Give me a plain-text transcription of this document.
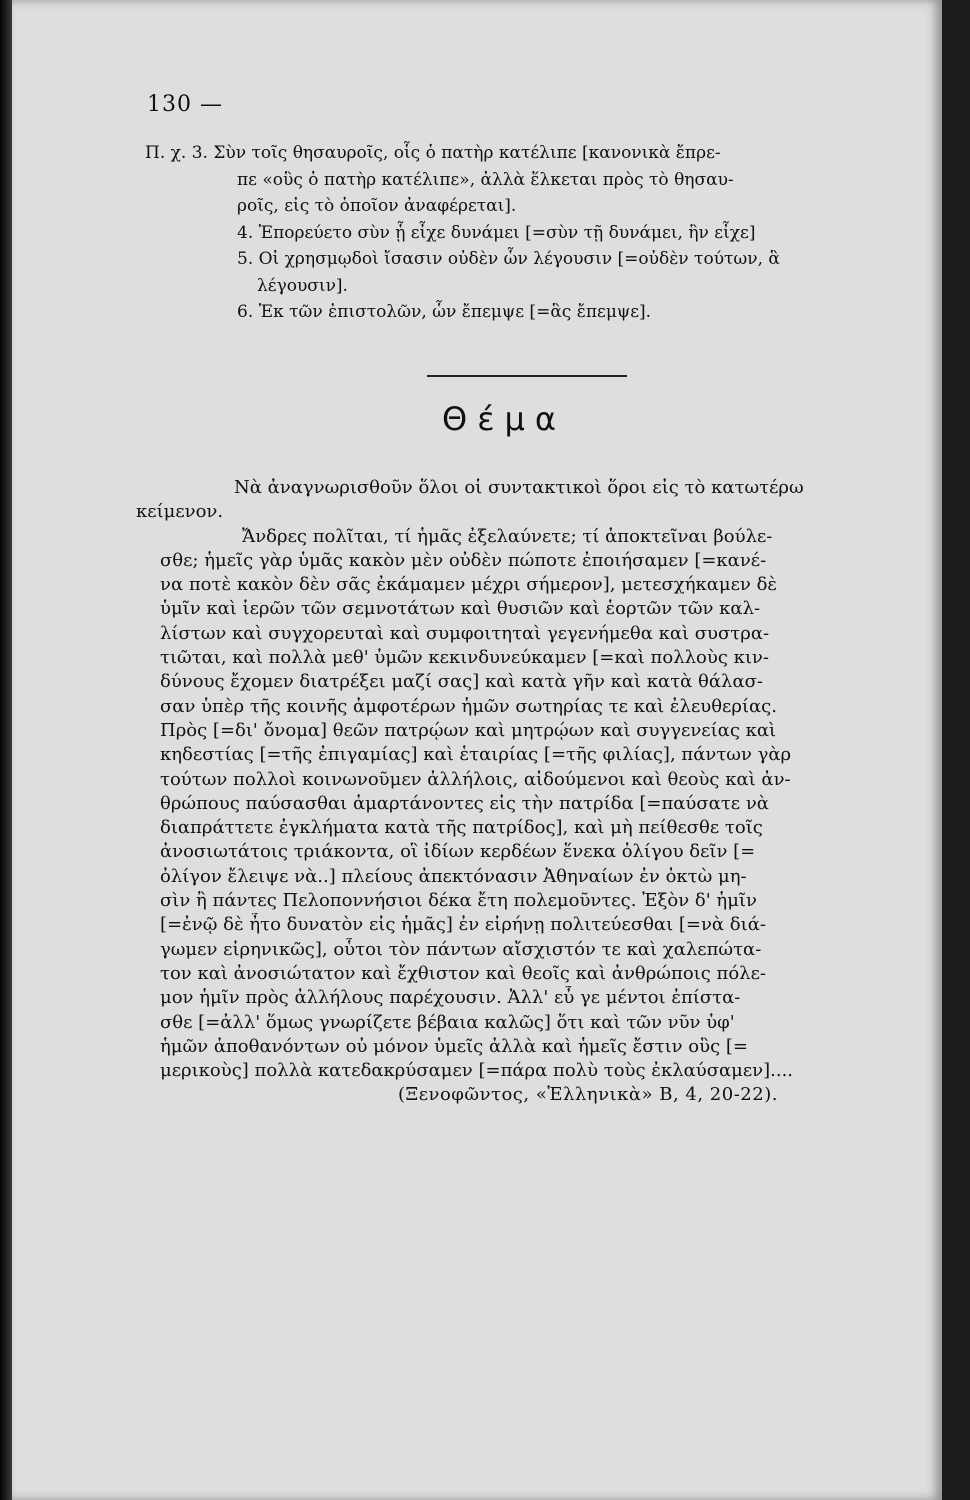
130 —
Π. χ. 3. Σὺν τοῖς θησαυροῖς, οἷς ὁ πατὴρ κατέλιπε [κανονικὰ ἔπρε-
πε «οὓς ὁ πατὴρ κατέλιπε», ἀλλὰ ἕλκεται πρὸς τὸ θησαυ-
ροῖς, εἰς τὸ ὁποῖον ἀναφέρεται].
4. Ἐπορεύετο σὺν ᾗ εἶχε δυνάμει [=σὺν τῇ δυνάμει, ἣν εἶχε]
5. Οἱ χρησμῳδοὶ ἴσασιν οὐδὲν ὧν λέγουσιν [=οὐδὲν τούτων, ἃ
λέγουσιν].
6. Ἐκ τῶν ἐπιστολῶν, ὧν ἔπεμψε [=ἃς ἔπεμψε].
Θέμα
Νὰ ἀναγνωρισθοῦν ὅλοι οἱ συντακτικοὶ ὅροι εἰς τὸ κατωτέρω
κείμενον.
Ἄνδρες πολῖται, τί ἡμᾶς ἐξελαύνετε; τί ἀποκτεῖναι βούλε-
σθε; ἡμεῖς γὰρ ὑμᾶς κακὸν μὲν οὐδὲν πώποτε ἐποιήσαμεν [=κανέ-
να ποτὲ κακὸν δὲν σᾶς ἐκάμαμεν μέχρι σήμερον], μετεσχήκαμεν δὲ
ὑμῖν καὶ ἱερῶν τῶν σεμνοτάτων καὶ θυσιῶν καὶ ἑορτῶν τῶν καλ-
λίστων καὶ συγχορευταὶ καὶ συμφοιτηταὶ γεγενήμεθα καὶ συστρα-
τιῶται, καὶ πολλὰ μεθ' ὑμῶν κεκινδυνεύκαμεν [=καὶ πολλοὺς κιν-
δύνους ἔχομεν διατρέξει μαζί σας] καὶ κατὰ γῆν καὶ κατὰ θάλασ-
σαν ὑπὲρ τῆς κοινῆς ἀμφοτέρων ἡμῶν σωτηρίας τε καὶ ἐλευθερίας.
Πρὸς [=δι' ὄνομα] θεῶν πατρῴων καὶ μητρῴων καὶ συγγενείας καὶ
κηδεστίας [=τῆς ἐπιγαμίας] καὶ ἑταιρίας [=τῆς φιλίας], πάντων γὰρ
τούτων πολλοὶ κοινωνοῦμεν ἀλλήλοις, αἰδούμενοι καὶ θεοὺς καὶ ἀν-
θρώπους παύσασθαι ἁμαρτάνοντες εἰς τὴν πατρίδα [=παύσατε νὰ
διαπράττετε ἐγκλήματα κατὰ τῆς πατρίδος], καὶ μὴ πείθεσθε τοῖς
ἀνοσιωτάτοις τριάκοντα, οἳ ἰδίων κερδέων ἕνεκα ὀλίγου δεῖν [=
ὀλίγον ἔλειψε νὰ..] πλείους ἀπεκτόνασιν Ἀθηναίων ἐν ὀκτὼ μη-
σὶν ἢ πάντες Πελοποννήσιοι δέκα ἔτη πολεμοῦντες. Ἐξὸν δ' ἡμῖν
[=ἐνῷ δὲ ἦτο δυνατὸν εἰς ἡμᾶς] ἐν εἰρήνῃ πολιτεύεσθαι [=νὰ διά-
γωμεν εἰρηνικῶς], οὗτοι τὸν πάντων αἴσχιστόν τε καὶ χαλεπώτα-
τον καὶ ἀνοσιώτατον καὶ ἔχθιστον καὶ θεοῖς καὶ ἀνθρώποις πόλε-
μον ἡμῖν πρὸς ἀλλήλους παρέχουσιν. Ἀλλ' εὖ γε μέντοι ἐπίστα-
σθε [=ἀλλ' ὅμως γνωρίζετε βέβαια καλῶς] ὅτι καὶ τῶν νῦν ὑφ'
ἡμῶν ἀποθανόντων οὐ μόνον ὑμεῖς ἀλλὰ καὶ ἡμεῖς ἔστιν οὓς [=
μερικοὺς] πολλὰ κατεδακρύσαμεν [=πάρα πολὺ τοὺς ἐκλαύσαμεν]....
(Ξενοφῶντος, «Ἑλληνικὰ» Β, 4, 20-22).
